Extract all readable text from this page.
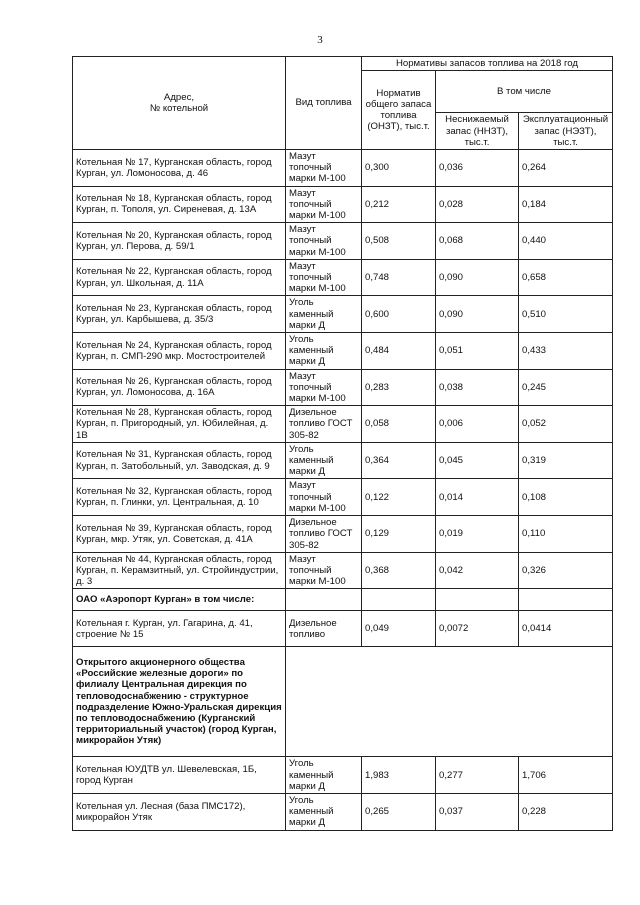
3
Адрес,
№ котельной	Вид топлива	Нормативы запасов топлива на 2018 год		
		Норматив общего запаса топлива (ОНЗТ), тыс.т.	В том числе	
			Неснижаемый запас (ННЗТ), тыс.т.	Эксплуатационный запас (НЭЗТ), тыс.т.
Котельная № 17, Курганская область, город Курган, ул. Ломоносова, д. 46	Мазут топочный марки М-100	0,300	0,036	0,264
Котельная № 18, Курганская область, город Курган, п. Тополя, ул. Сиреневая, д. 13А	Мазут топочный марки М-100	0,212	0,028	0,184
Котельная № 20, Курганская область, город Курган, ул. Перова, д. 59/1	Мазут топочный марки М-100	0,508	0,068	0,440
Котельная № 22, Курганская область, город Курган, ул. Школьная, д. 11А	Мазут топочный марки М-100	0,748	0,090	0,658
Котельная № 23, Курганская область, город Курган, ул. Карбышева, д. 35/3	Уголь каменный марки Д	0,600	0,090	0,510
Котельная № 24, Курганская область, город Курган, п. СМП-290 мкр. Мостостроителей	Уголь каменный марки Д	0,484	0,051	0,433
Котельная № 26, Курганская область, город Курган, ул. Ломоносова, д. 16А	Мазут топочный марки М-100	0,283	0,038	0,245
Котельная № 28, Курганская область, город Курган, п. Пригородный, ул. Юбилейная, д. 1В	Дизельное топливо ГОСТ 305-82	0,058	0,006	0,052
Котельная № 31, Курганская область, город Курган, п. Затобольный, ул. Заводская, д. 9	Уголь каменный марки Д	0,364	0,045	0,319
Котельная № 32, Курганская область, город Курган, п. Глинки, ул. Центральная, д. 10	Мазут топочный марки М-100	0,122	0,014	0,108
Котельная № 39, Курганская область, город Курган, мкр. Утяк, ул. Советская, д. 41А	Дизельное топливо ГОСТ 305-82	0,129	0,019	0,110
Котельная № 44, Курганская область, город Курган, п. Керамзитный, ул. Стройиндустрии, д. 3	Мазут топочный марки М-100	0,368	0,042	0,326
ОАО «Аэропорт Курган» в том числе:				
Котельная г. Курган, ул. Гагарина, д. 41, строение № 15	Дизельное топливо	0,049	0,0072	0,0414
Открытого акционерного общества «Российские железные дороги» по филиалу Центральная дирекция по тепловодоснабжению - структурное подразделение Южно-Уральская дирекция по тепловодоснабжению (Курганский территориальный участок) (город Курган, микрорайон Утяк)				
Котельная ЮУДТВ ул. Шевелевская, 1Б, город Курган	Уголь каменный марки Д	1,983	0,277	1,706
Котельная ул. Лесная (база ПМС172), микрорайон Утяк	Уголь каменный марки Д	0,265	0,037	0,228
